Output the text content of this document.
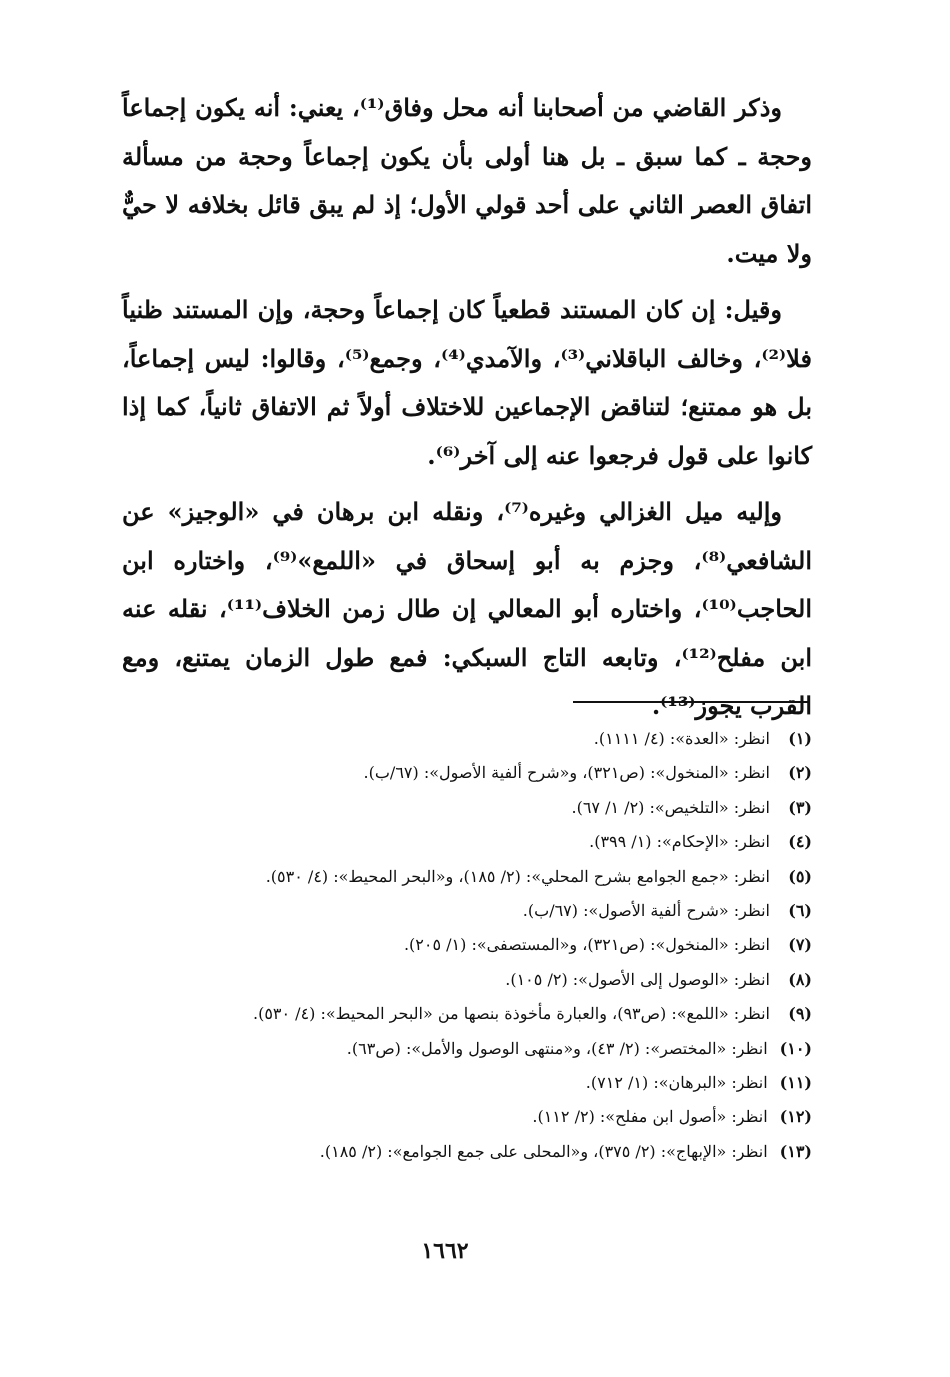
وذكر القاضي من أصحابنا أنه محل وفاق⁽¹⁾، يعني: أنه يكون إجماعاً وحجة ـ كما سبق ـ بل هنا أولى بأن يكون إجماعاً وحجة من مسألة اتفاق العصر الثاني على أحد قولي الأول؛ إذ لم يبق قائل بخلافه لا حيٌّ ولا ميت.

وقيل: إن كان المستند قطعياً كان إجماعاً وحجة، وإن المستند ظنياً فلا⁽²⁾، وخالف الباقلاني⁽³⁾، والآمدي⁽⁴⁾، وجمع⁽⁵⁾، وقالوا: ليس إجماعاً، بل هو ممتنع؛ لتناقض الإجماعين للاختلاف أولاً ثم الاتفاق ثانياً، كما إذا كانوا على قول فرجعوا عنه إلى آخر⁽⁶⁾.

وإليه ميل الغزالي وغيره⁽⁷⁾، ونقله ابن برهان في «الوجيز» عن الشافعي⁽⁸⁾، وجزم به أبو إسحاق في «اللمع»⁽⁹⁾، واختاره ابن الحاجب⁽¹⁰⁾، واختاره أبو المعالي إن طال زمن الخلاف⁽¹¹⁾، نقله عنه ابن مفلح⁽¹²⁾، وتابعه التاج السبكي: فمع طول الزمان يمتنع، ومع القرب يجوز⁽¹³⁾.

(١)
انظر: «العدة»: (٤/ ١١١١).
(٢)
انظر: «المنخول»: (ص٣٢١)، و«شرح ألفية الأصول»: (٦٧/ب).
(٣)
انظر: «التلخيص»: (٢/ ١/ ٦٧).
(٤)
انظر: «الإحكام»: (١/ ٣٩٩).
(٥)
انظر: «جمع الجوامع بشرح المحلي»: (٢/ ١٨٥)، و«البحر المحيط»: (٤/ ٥٣٠).
(٦)
انظر: «شرح ألفية الأصول»: (٦٧/ب).
(٧)
انظر: «المنخول»: (ص٣٢١)، و«المستصفى»: (١/ ٢٠٥).
(٨)
انظر: «الوصول إلى الأصول»: (٢/ ١٠٥).
(٩)
انظر: «اللمع»: (ص٩٣)، والعبارة مأخوذة بنصها من «البحر المحيط»: (٤/ ٥٣٠).
(١٠)
انظر: «المختصر»: (٢/ ٤٣)، و«منتهى الوصول والأمل»: (ص٦٣).
(١١)
انظر: «البرهان»: (١/ ٧١٢).
(١٢)
انظر: «أصول ابن مفلح»: (٢/ ١١٢).
(١٣)
انظر: «الإبهاج»: (٢/ ٣٧٥)، و«المحلى على جمع الجوامع»: (٢/ ١٨٥).
١٦٦٢
